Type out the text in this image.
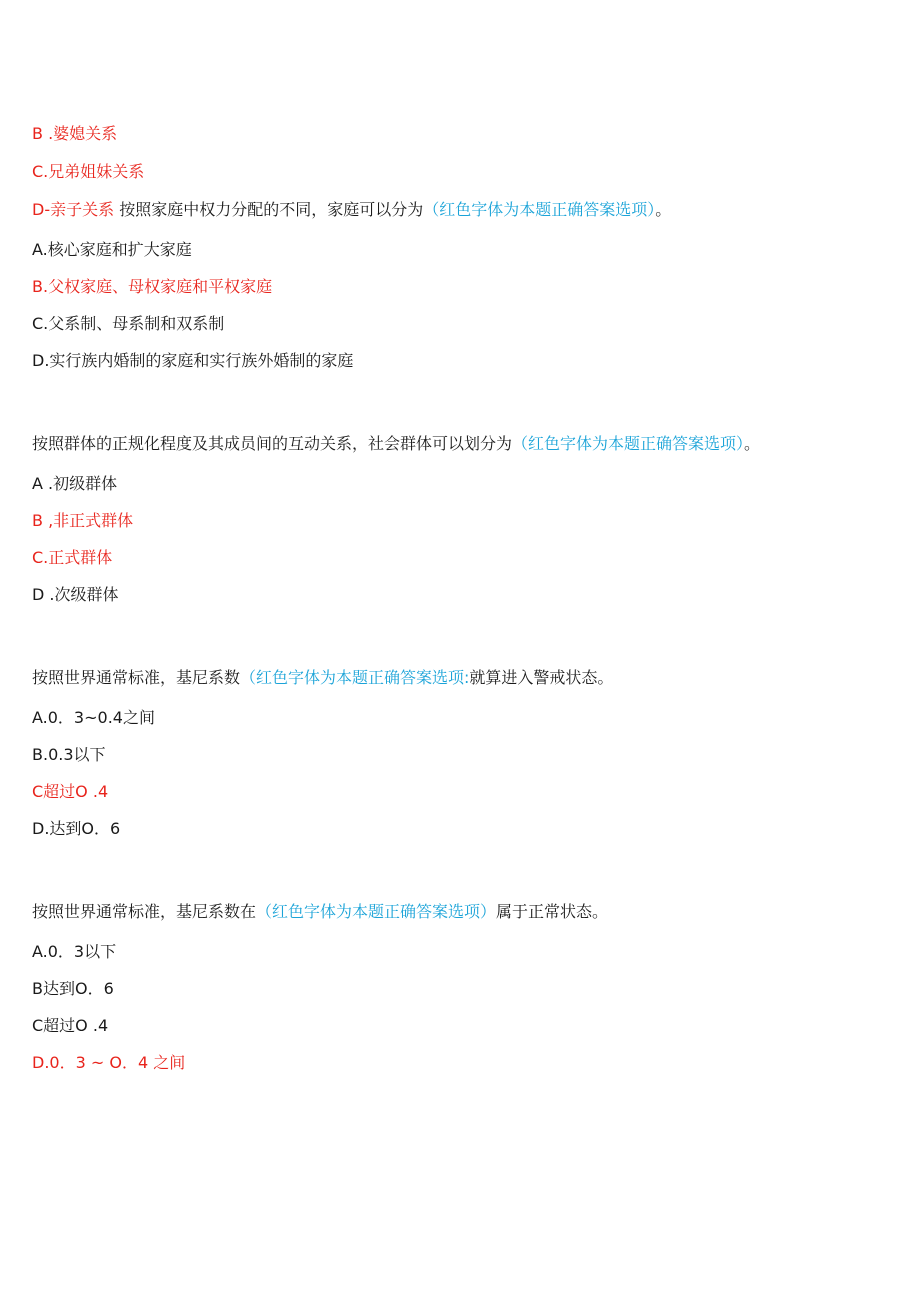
B .婆媳关系
C.兄弟姐妹关系
D-亲子关系 按照家庭中权力分配的不同，家庭可以分为（红色字体为本题正确答案选项）。
A.核心家庭和扩大家庭
B.父权家庭、母权家庭和平权家庭
C.父系制、母系制和双系制
D.实行族内婚制的家庭和实行族外婚制的家庭
按照群体的正规化程度及其成员间的互动关系，社会群体可以划分为（红色字体为本题正确答案选项）。
A .初级群体
B ,非正式群体
C.正式群体
D .次级群体
按照世界通常标准，基尼系数（红色字体为本题正确答案选项:就算进入警戒状态。
A.0．3~0.4之间
B.0.3以下
C超过O .4
D.达到O．6
按照世界通常标准，基尼系数在（红色字体为本题正确答案选项）属于正常状态。
A.0．3以下
B达到O．6
C超过O .4
D.0．3 ~ O．4 之间
